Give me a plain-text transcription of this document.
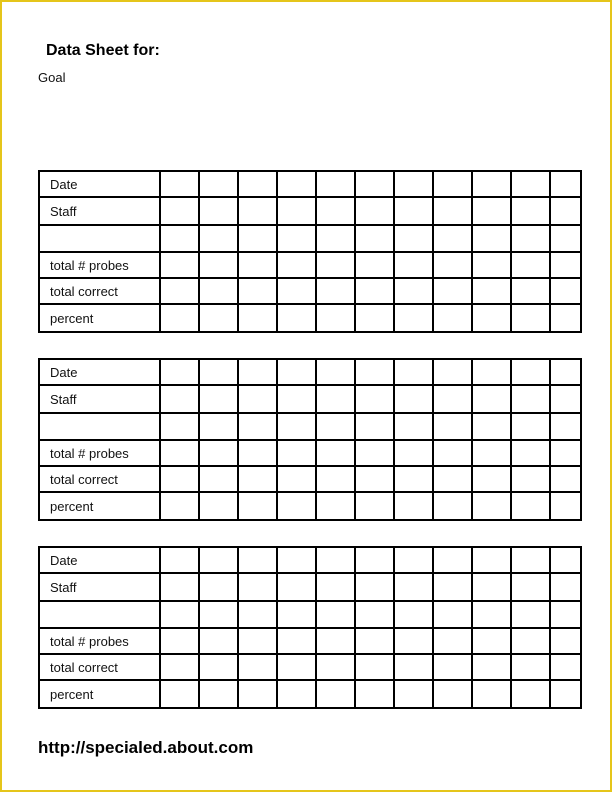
Data Sheet for:
Goal
Date											
Staff											

total # probes											
total correct											
percent											
Date											
Staff											

total # probes											
total correct											
percent											
Date											
Staff											

total # probes											
total correct											
percent											
http://specialed.about.com
